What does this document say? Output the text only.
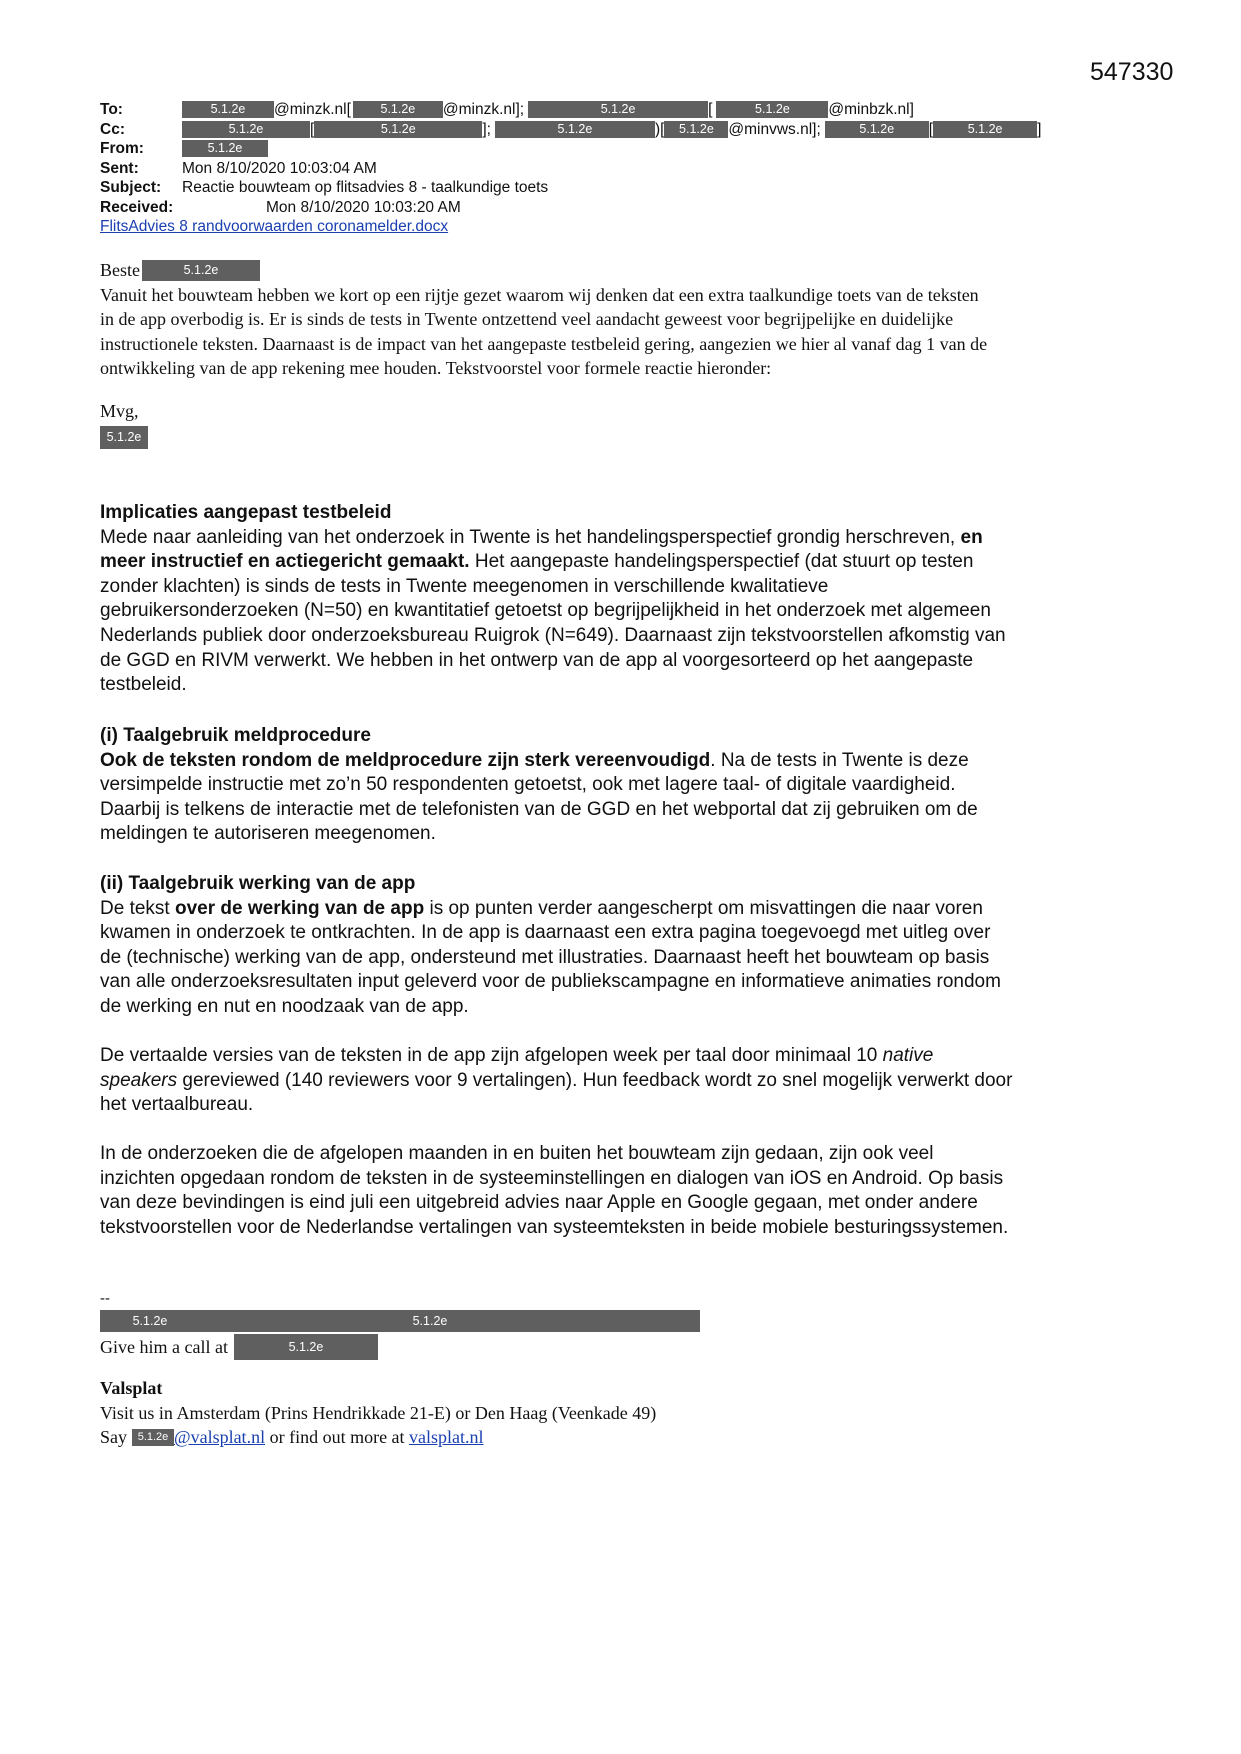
547330
To:	5.1.2e	@minzk.nl[	5.1.2e	@minzk.nl];	5.1.2e	[	5.1.2e	@minbzk.nl]
Cc:	5.1.2e	[	5.1.2e	];	5.1.2e	)[	5.1.2e @minvws.nl];	5.1.2e	[	5.1.2e	]
From:	5.1.2e
Sent:	Mon 8/10/2020 10:03:04 AM
Subject:	Reactie bouwteam op flitsadvies 8 - taalkundige toets
Received:	Mon 8/10/2020 10:03:20 AM
FlitsAdvies 8 randvoorwaarden coronamelder.docx
Beste	5.1.2e

Vanuit het bouwteam hebben we kort op een rijtje gezet waarom wij denken dat een extra taalkundige toets van de teksten

in de app overbodig is. Er is sinds de tests in Twente ontzettend veel aandacht geweest voor begrijpelijke en duidelijke

instructionele teksten. Daarnaast is de impact van het aangepaste testbeleid gering, aangezien we hier al vanaf dag 1 van de

ontwikkeling van de app rekening mee houden. Tekstvoorstel voor formele reactie hieronder:

Mvg,

5.1.2e

Implicaties aangepast testbeleid

Mede naar aanleiding van het onderzoek in Twente is het handelingsperspectief grondig herschreven, en

meer instructief en actiegericht gemaakt. Het aangepaste handelingsperspectief (dat stuurt op testen

zonder klachten) is sinds de tests in Twente meegenomen in verschillende kwalitatieve

gebruikersonderzoeken (N=50) en kwantitatief getoetst op begrijpelijkheid in het onderzoek met algemeen

Nederlands publiek door onderzoeksbureau Ruigrok (N=649). Daarnaast zijn tekstvoorstellen afkomstig van

de GGD en RIVM verwerkt. We hebben in het ontwerp van de app al voorgesorteerd op het aangepaste

testbeleid.

(i) Taalgebruik meldprocedure

Ook de teksten rondom de meldprocedure zijn sterk vereenvoudigd. Na de tests in Twente is deze

versimpelde instructie met zo’n 50 respondenten getoetst, ook met lagere taal- of digitale vaardigheid.

Daarbij is telkens de interactie met de telefonisten van de GGD en het webportal dat zij gebruiken om de

meldingen te autoriseren meegenomen.

(ii) Taalgebruik werking van de app

De tekst over de werking van de app is op punten verder aangescherpt om misvattingen die naar voren

kwamen in onderzoek te ontkrachten. In de app is daarnaast een extra pagina toegevoegd met uitleg over

de (technische) werking van de app, ondersteund met illustraties. Daarnaast heeft het bouwteam op basis

van alle onderzoeksresultaten input geleverd voor de publiekscampagne en informatieve animaties rondom

de werking en nut en noodzaak van de app.

De vertaalde versies van de teksten in de app zijn afgelopen week per taal door minimaal 10 native

speakers gereviewed (140 reviewers voor 9 vertalingen). Hun feedback wordt zo snel mogelijk verwerkt door

het vertaalbureau.

In de onderzoeken die de afgelopen maanden in en buiten het bouwteam zijn gedaan, zijn ook veel

inzichten opgedaan rondom de teksten in de systeeminstellingen en dialogen van iOS en Android. Op basis

van deze bevindingen is eind juli een uitgebreid advies naar Apple en Google gegaan, met onder andere

tekstvoorstellen voor de Nederlandse vertalingen van systeemteksten in beide mobiele besturingssystemen.

--

5.1.2e	5.1.2e
Give him a call at	5.1.2e

Valsplat

Visit us in Amsterdam (Prins Hendrikkade 21-E) or Den Haag (Veenkade 49)

Say 5.1.2e @valsplat.nl or find out more at valsplat.nl
